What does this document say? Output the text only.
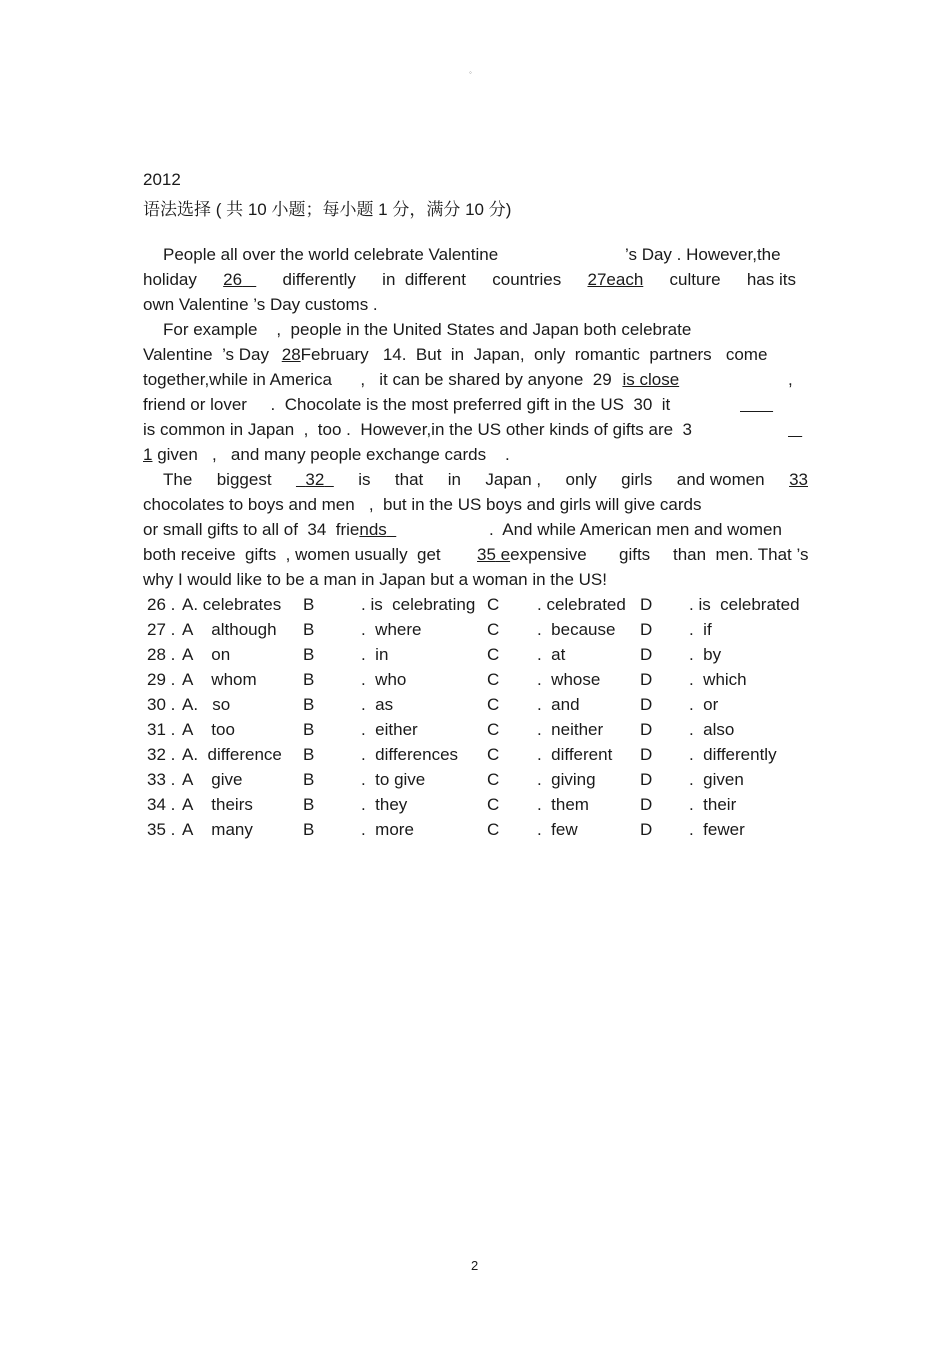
◦
2012
语法选择 ( 共 10 小题；每小题 1 分，满分 10 分)
People all over the world celebrate Valentine	’s Day . However,the
holiday 26	differently in  different countries 27each culture has its
own Valentine ’s Day customs .
For example    ,  people in the United States and Japan both celebrate
Valentine  ’s Day 28February   14.  But  in  Japan,  only  romantic  partners   come
together,while in America      ,   it can be shared by anyone  29 is close	,
friend or lover     .  Chocolate is the most preferred gift in the US  30  it

is common in Japan  ,  too .  However,in the US other kinds of gifts are  3

1 given   ,   and many people exchange cards    .
The biggest	32	is that in Japan , only girls and women 33
chocolates to boys and men   ,  but in the US boys and girls will give cards
or small gifts to all of  34  friends	.  And while American men and women
both receive  gifts  , women usually  get 35 eexpensive gifts than  men. That ’s
why I would like to be a man in Japan but a woman in the US!
26 . A. celebrates B	. is  celebrating C . celebrated D . is  celebrated
27 . A    although B	.  where	C .  because D .  if
28 . A    on	B	.  in	C .  at	D .  by
29 . A    whom	B	.  who	C .  whose D .  which
30 . A.   so	B	.  as	C .  and	D .  or
31 . A    too	B	.  either	C .  neither D .  also
32 . A.  difference B	.  differences C .  different D .  differently
33 . A    give	B	.  to give	C .  giving	D .  given
34 . A    theirs	B	.  they	C .  them	D .  their
35 . A    many	B	.  more	C .  few	D .  fewer
2
